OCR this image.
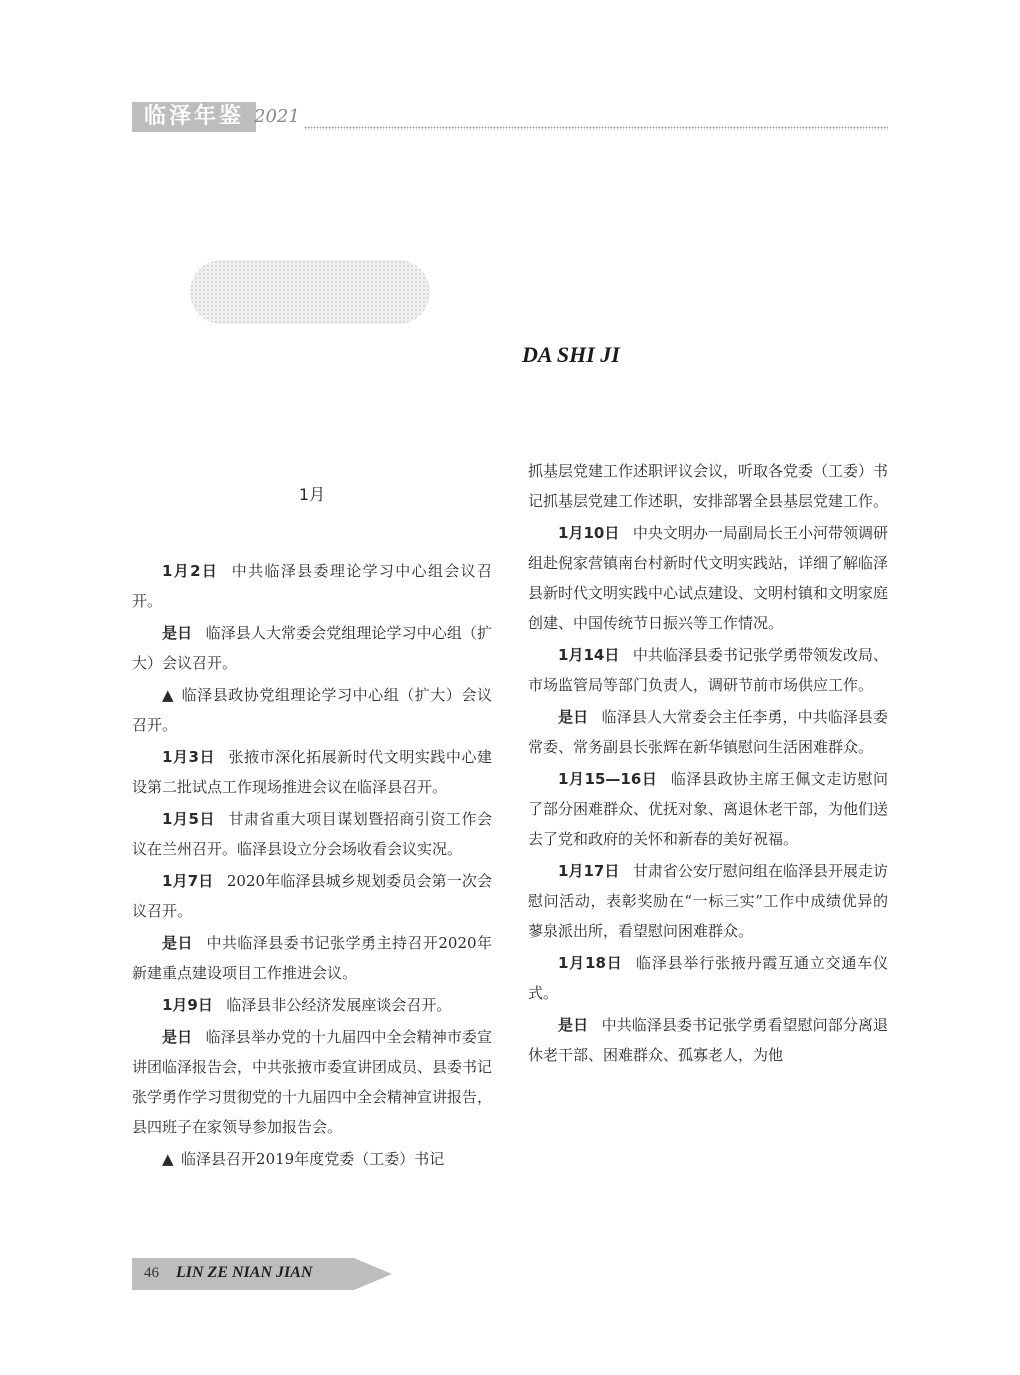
临泽年鉴 2021
DA SHI JI
1月

1月2日 中共临泽县委理论学习中心组会议召开。

是日 临泽县人大常委会党组理论学习中心组（扩大）会议召开。

▲ 临泽县政协党组理论学习中心组（扩大）会议召开。

1月3日 张掖市深化拓展新时代文明实践中心建设第二批试点工作现场推进会议在临泽县召开。

1月5日 甘肃省重大项目谋划暨招商引资工作会议在兰州召开。临泽县设立分会场收看会议实况。

1月7日 2020年临泽县城乡规划委员会第一次会议召开。

是日 中共临泽县委书记张学勇主持召开2020年新建重点建设项目工作推进会议。

1月9日 临泽县非公经济发展座谈会召开。

是日 临泽县举办党的十九届四中全会精神市委宣讲团临泽报告会，中共张掖市委宣讲团成员、县委书记张学勇作学习贯彻党的十九届四中全会精神宣讲报告，县四班子在家领导参加报告会。

▲ 临泽县召开2019年度党委（工委）书记

抓基层党建工作述职评议会议，听取各党委（工委）书记抓基层党建工作述职，安排部署全县基层党建工作。

1月10日 中央文明办一局副局长王小河带领调研组赴倪家营镇南台村新时代文明实践站，详细了解临泽县新时代文明实践中心试点建设、文明村镇和文明家庭创建、中国传统节日振兴等工作情况。

1月14日 中共临泽县委书记张学勇带领发改局、市场监管局等部门负责人，调研节前市场供应工作。

是日 临泽县人大常委会主任李勇，中共临泽县委常委、常务副县长张辉在新华镇慰问生活困难群众。

1月15—16日 临泽县政协主席王佩文走访慰问了部分困难群众、优抚对象、离退休老干部，为他们送去了党和政府的关怀和新春的美好祝福。

1月17日 甘肃省公安厅慰问组在临泽县开展走访慰问活动，表彰奖励在“一标三实”工作中成绩优异的蓼泉派出所，看望慰问困难群众。

1月18日 临泽县举行张掖丹霞互通立交通车仪式。

是日 中共临泽县委书记张学勇看望慰问部分离退休老干部、困难群众、孤寡老人，为他

46 LIN ZE NIAN JIAN
